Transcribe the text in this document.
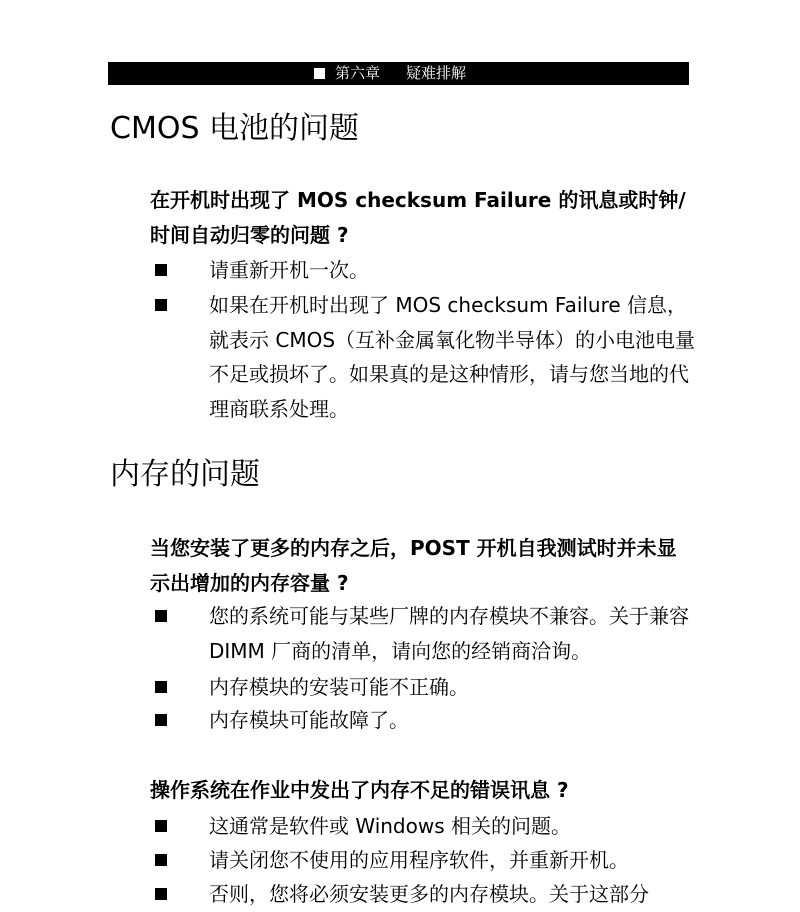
第六章 疑难排解
CMOS 电池的问题

在开机时出现了 MOS checksum Failure 的讯息或时钟/时间自动归零的问题 ?

请重新开机一次。
如果在开机时出现了 MOS checksum Failure 信息，就表示 CMOS（互补金属氧化物半导体）的小电池电量不足或损坏了。如果真的是这种情形，请与您当地的代理商联系处理。
内存的问题

当您安装了更多的内存之后，POST 开机自我测试时并未显示出增加的内存容量 ?

您的系统可能与某些厂牌的内存模块不兼容。关于兼容 DIMM 厂商的清单，请向您的经销商洽询。
内存模块的安装可能不正确。
内存模块可能故障了。

操作系统在作业中发出了内存不足的错误讯息 ?

这通常是软件或 Windows 相关的问题。
请关闭您不使用的应用程序软件，并重新开机。
否则，您将必须安装更多的内存模块。关于这部分
